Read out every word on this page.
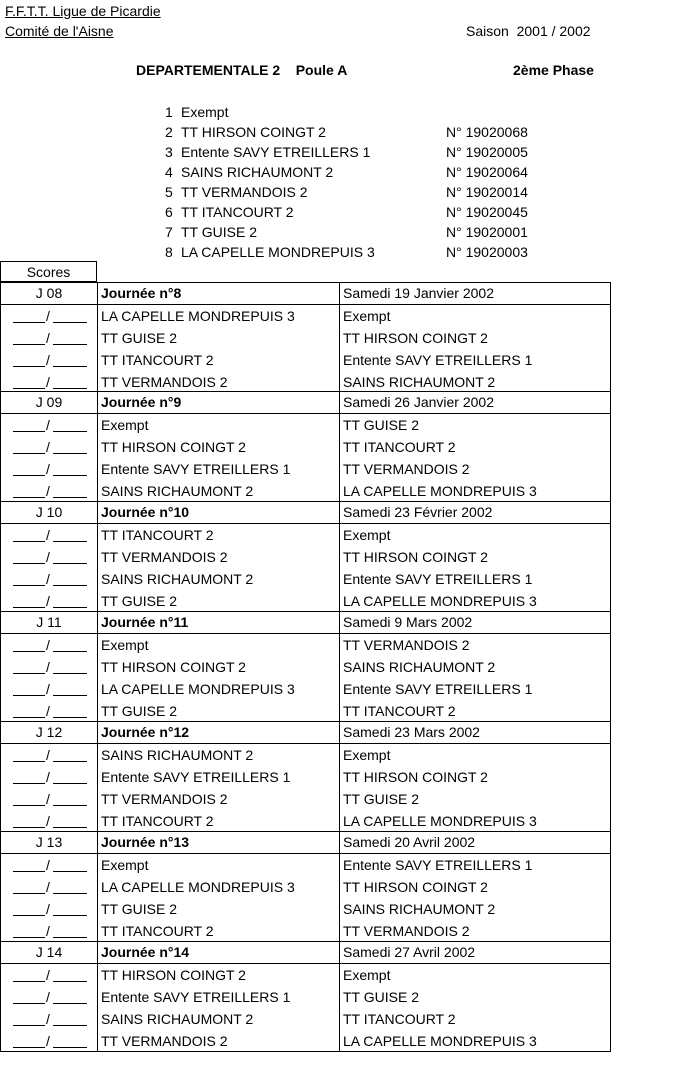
F.F.T.T. Ligue de Picardie
Comité de l'Aisne	Saison  2001 / 2002
DEPARTEMENTALE 2    Poule A	2ème Phase
1 Exempt
2 TT HIRSON COINGT 2	N° 19020068
3 Entente SAVY ETREILLERS 1	N° 19020005
4 SAINS RICHAUMONT 2	N° 19020064
5 TT VERMANDOIS 2	N° 19020014
6 TT ITANCOURT 2	N° 19020045
7 TT GUISE 2	N° 19020001
8 LA CAPELLE MONDREPUIS 3	N° 19020003
Scores
J 08	Journée n°8	Samedi 19 Janvier 2002
/	LA CAPELLE MONDREPUIS 3	Exempt
/	TT GUISE 2	TT HIRSON COINGT 2
/	TT ITANCOURT 2	Entente SAVY ETREILLERS 1
/	TT VERMANDOIS 2	SAINS RICHAUMONT 2
J 09	Journée n°9	Samedi 26 Janvier 2002
/	Exempt	TT GUISE 2
/	TT HIRSON COINGT 2	TT ITANCOURT 2
/	Entente SAVY ETREILLERS 1	TT VERMANDOIS 2
/	SAINS RICHAUMONT 2	LA CAPELLE MONDREPUIS 3
J 10	Journée n°10	Samedi 23 Février 2002
/	TT ITANCOURT 2	Exempt
/	TT VERMANDOIS 2	TT HIRSON COINGT 2
/	SAINS RICHAUMONT 2	Entente SAVY ETREILLERS 1
/	TT GUISE 2	LA CAPELLE MONDREPUIS 3
J 11	Journée n°11	Samedi 9 Mars 2002
/	Exempt	TT VERMANDOIS 2
/	TT HIRSON COINGT 2	SAINS RICHAUMONT 2
/	LA CAPELLE MONDREPUIS 3	Entente SAVY ETREILLERS 1
/	TT GUISE 2	TT ITANCOURT 2
J 12	Journée n°12	Samedi 23 Mars 2002
/	SAINS RICHAUMONT 2	Exempt
/	Entente SAVY ETREILLERS 1	TT HIRSON COINGT 2
/	TT VERMANDOIS 2	TT GUISE 2
/	TT ITANCOURT 2	LA CAPELLE MONDREPUIS 3
J 13	Journée n°13	Samedi 20 Avril 2002
/	Exempt	Entente SAVY ETREILLERS 1
/	LA CAPELLE MONDREPUIS 3	TT HIRSON COINGT 2
/	TT GUISE 2	SAINS RICHAUMONT 2
/	TT ITANCOURT 2	TT VERMANDOIS 2
J 14	Journée n°14	Samedi 27 Avril 2002
/	TT HIRSON COINGT 2	Exempt
/	Entente SAVY ETREILLERS 1	TT GUISE 2
/	SAINS RICHAUMONT 2	TT ITANCOURT 2
/	TT VERMANDOIS 2	LA CAPELLE MONDREPUIS 3
